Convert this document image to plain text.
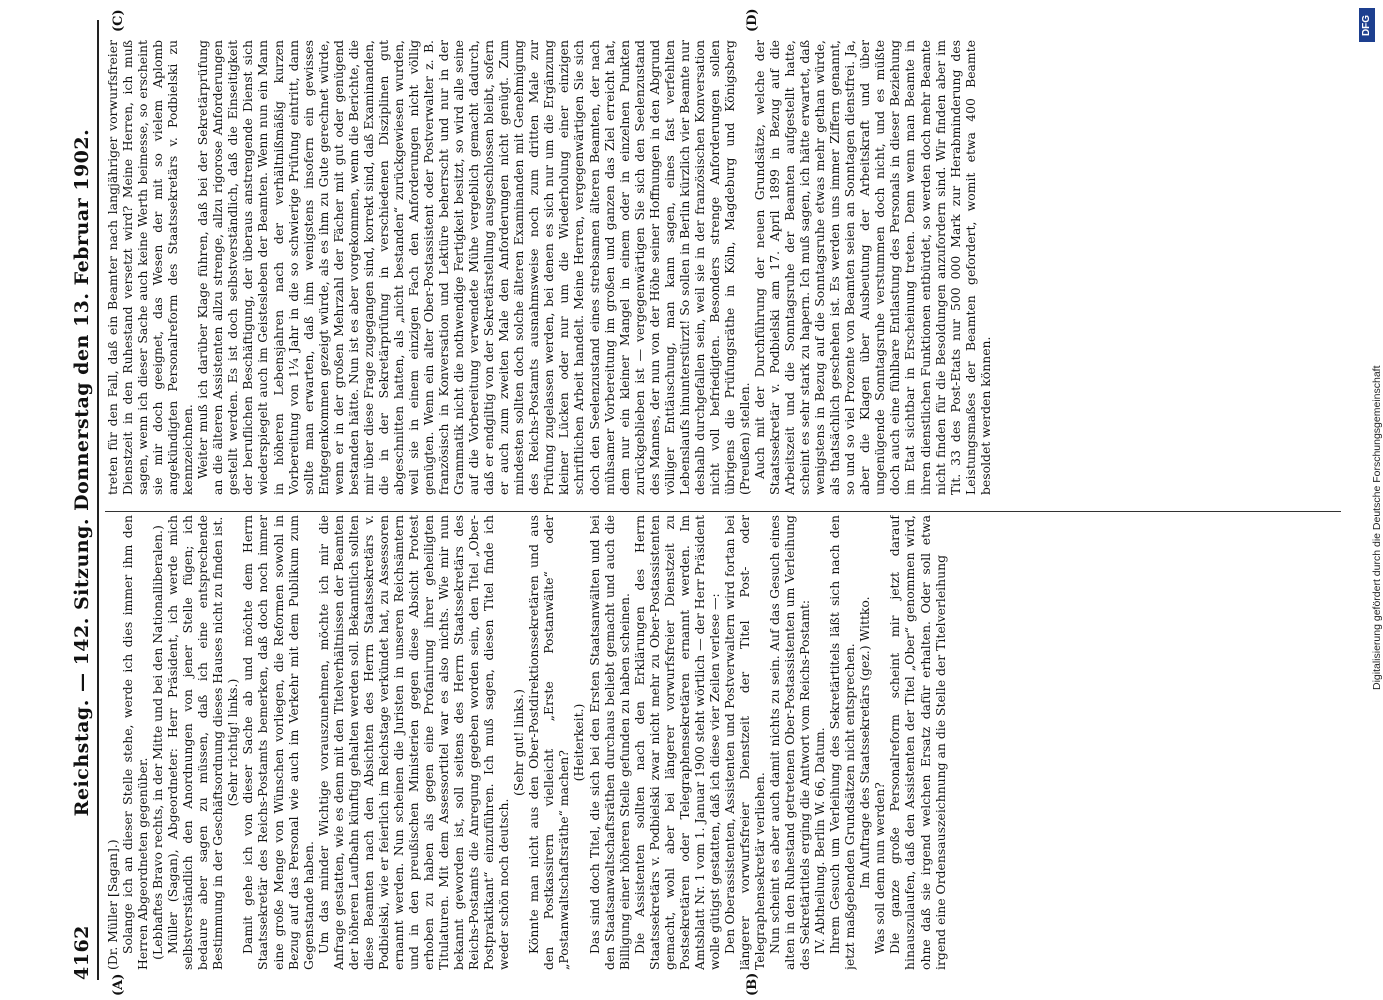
4162
Reichstag. — 142. Sitzung. Donnerstag den 13. Februar 1902.
(A)	(B)
(C)	(D)

(Dr. Müller [Sagan].) Solange ich an dieser Stelle stehe, werde ich dies immer ihm den Herren Abgeordneten gegenüber. (Lebhaftes Bravo rechts, in der Mitte und bei den Nationalliberalen.) Müller (Sagan), Abgeordneter: Herr Präsident, ich werde mich selbstverständlich den Anordnungen von jener Stelle fügen; ich bedaure aber sagen zu müssen, daß ich eine entsprechende Bestimmung in der Geschäftsordnung dieses Hauses nicht zu finden ist. (Sehr richtig! links.) Damit gehe ich von dieser Sache ab und möchte dem Herrn Staatssekretär des Reichs-Postamts bemerken, daß doch noch immer eine große Menge von Wünschen vorliegen, die Reformen sowohl in Bezug auf das Personal wie auch im Verkehr mit dem Publikum zum Gegenstande haben. Um das minder Wichtige vorauszunehmen, möchte ich mir die Anfrage gestatten, wie es denn mit den Titelverhältnissen der Beamten der höheren Laufbahn künftig gehalten werden soll. Bekanntlich sollten diese Beamten nach den Absichten des Herrn Staatssekretärs v. Podbielski, wie er feierlich im Reichstage verkündet hat, zu Assessoren ernannt werden. Nun scheinen die Juristen in unseren Reichsämtern und in den preußischen Ministerien gegen diese Absicht Protest erhoben zu haben als gegen eine Profanirung ihrer geheiligten Titulaturen. Mit dem Assessortitel war es also nichts. Wie mir nun bekannt geworden ist, soll seitens des Herrn Staatssekretärs des Reichs-Postamts die Anregung gegeben worden sein, den Titel „Ober-Postpraktikant“ einzuführen. Ich muß sagen, diesen Titel finde ich weder schön noch deutsch.

(Sehr gut! links.) Könnte man nicht aus den Ober-Postdirektionssekretären und aus den Postkassirern vielleicht „Erste Postanwälte“ oder „Postanwaltschaftsräthe“ machen?

(Heiterkeit.) Das sind doch Titel, die sich bei den Ersten Staatsanwälten und bei den Staatsanwaltschaftsräthen durchaus beliebt gemacht und auch die Billigung einer höheren Stelle gefunden zu haben scheinen. Die Assistenten sollten nach den Erklärungen des Herrn Staatssekretärs v. Podbielski zwar nicht mehr zu Ober-Postassistenten gemacht, wohl aber bei längerer vorwurfsfreier Dienstzeit zu Postsekretären oder Telegraphensekretären ernannt werden. Im Amtsblatt Nr. 1 vom 1. Januar 1900 steht wörtlich — der Herr Präsident wolle gütigst gestatten, daß ich diese vier Zeilen verlese —: Den Oberassistenten, Assistenten und Postverwaltern wird fortan bei längerer vorwurfsfreier Dienstzeit der Titel Post- oder Telegraphensekretär verliehen. Nun scheint es aber auch damit nichts zu sein. Auf das Gesuch eines alten in den Ruhestand getretenen Ober-Postassistenten um Verleihung des Sekretärtitels erging die Antwort vom Reichs-Postamt: IV. Abtheilung. Berlin W. 66, Datum. Ihrem Gesuch um Verleihung des Sekretärtitels läßt sich nach den jetzt maßgebenden Grundsätzen nicht entsprechen. Im Auftrage des Staatssekretärs (gez.) Wittko. Was soll denn nun werden? Die ganze große Personalreform scheint mir jetzt darauf hinauszulaufen, daß den Assistenten der Titel „Ober“ genommen wird, ohne daß sie irgend welchen Ersatz dafür erhalten. Oder soll etwa irgend eine Ordensauszeichnung an die Stelle der Titelverleihung

treten für den Fall, daß ein Beamter nach langjähriger vorwurfsfreier Dienstzeit in den Ruhestand versetzt wird? Meine Herren, ich muß sagen, wenn ich dieser Sache auch keine Werth beimesse, so erscheint sie mir doch geeignet, das Wesen der mit so vielem Aplomb angekündigten Personalreform des Staatssekretärs v. Podbielski zu kennzeichnen. Weiter muß ich darüber Klage führen, daß bei der Sekretärprüfung an die älteren Assistenten allzu strenge, allzu rigorose Anforderungen gestellt werden. Es ist doch selbstverständlich, daß die Einseitigkeit der beruflichen Beschäftigung, der überaus anstrengende Dienst sich wiederspiegelt auch im Geistesleben der Beamten. Wenn nun ein Mann in höheren Lebensjahren nach der verhältnißmäßig kurzen Vorbereitung von 1¼ Jahr in die so schwierige Prüfung eintritt, dann sollte man erwarten, daß ihm wenigstens insofern ein gewisses Entgegenkommen gezeigt würde, als es ihm zu Gute gerechnet würde, wenn er in der großen Mehrzahl der Fächer mit gut oder genügend bestanden hätte. Nun ist es aber vorgekommen, wenn die Berichte, die mir über diese Frage zugegangen sind, korrekt sind, daß Examinanden, die in der Sekretärprüfung in verschiedenen Disziplinen gut abgeschnitten hatten, als „nicht bestanden“ zurückgewiesen wurden, weil sie in einem einzigen Fach den Anforderungen nicht völlig genügten. Wenn ein alter Ober-Postassistent oder Postverwalter z. B. französisch in Konversation und Lektüre beherrscht und nur in der Grammatik nicht die nothwendige Fertigkeit besitzt, so wird alle seine auf die Vorbereitung verwendete Mühe vergeblich gemacht dadurch, daß er endgiltig von der Sekretärstellung ausgeschlossen bleibt, sofern er auch zum zweiten Male den Anforderungen nicht genügt. Zum mindesten sollten doch solche älteren Examinanden mit Genehmigung des Reichs-Postamts ausnahmsweise noch zum dritten Male zur Prüfung zugelassen werden, bei denen es sich nur um die Ergänzung kleiner Lücken oder nur um die Wiederholung einer einzigen schriftlichen Arbeit handelt. Meine Herren, vergegenwärtigen Sie sich doch den Seelenzustand eines strebsamen älteren Beamten, der nach mühsamer Vorbereitung im großen und ganzen das Ziel erreicht hat, dem nur ein kleiner Mangel in einem oder in einzelnen Punkten zurückgeblieben ist — vergegenwärtigen Sie sich den Seelenzustand des Mannes, der nun von der Höhe seiner Hoffnungen in den Abgrund völliger Enttäuschung, man kann sagen, eines fast verfehlten Lebenslaufs hinunterstürzt! So sollen in Berlin kürzlich vier Beamte nur deshalb durchgefallen sein, weil sie in der französischen Konversation nicht voll befriedigten. Besonders strenge Anforderungen sollen übrigens die Prüfungsräthe in Köln, Magdeburg und Königsberg (Preußen) stellen. Auch mit der Durchführung der neuen Grundsätze, welche der Staatssekretär v. Podbielski am 17. April 1899 in Bezug auf die Arbeitszeit und die Sonntagsruhe der Beamten aufgestellt hatte, scheint es sehr stark zu hapern. Ich muß sagen, ich hätte erwartet, daß wenigstens in Bezug auf die Sonntagsruhe etwas mehr gethan würde, als thatsächlich geschehen ist. Es werden uns immer Ziffern genannt, so und so viel Prozente von Beamten seien an Sonntagen dienstfrei. Ja, aber die Klagen über Ausbeutung der Arbeitskraft und über ungenügende Sonntagsruhe verstummen doch nicht, und es müßte doch auch eine fühlbare Entlastung des Personals in dieser Beziehung im Etat sichtbar in Erscheinung treten. Denn wenn man Beamte in ihren dienstlichen Funktionen entbürdet, so werden doch mehr Beamte nicht finden für die Besoldungen anzufordern sind. Wir finden aber im Tit. 33 des Post-Etats nur 500 000 Mark zur Herabminderung des Leistungsmaßes der Beamten gefordert, womit etwa 400 Beamte besoldet werden können.

DFG
Digitalisierung gefördert durch die Deutsche Forschungsgemeinschaft
